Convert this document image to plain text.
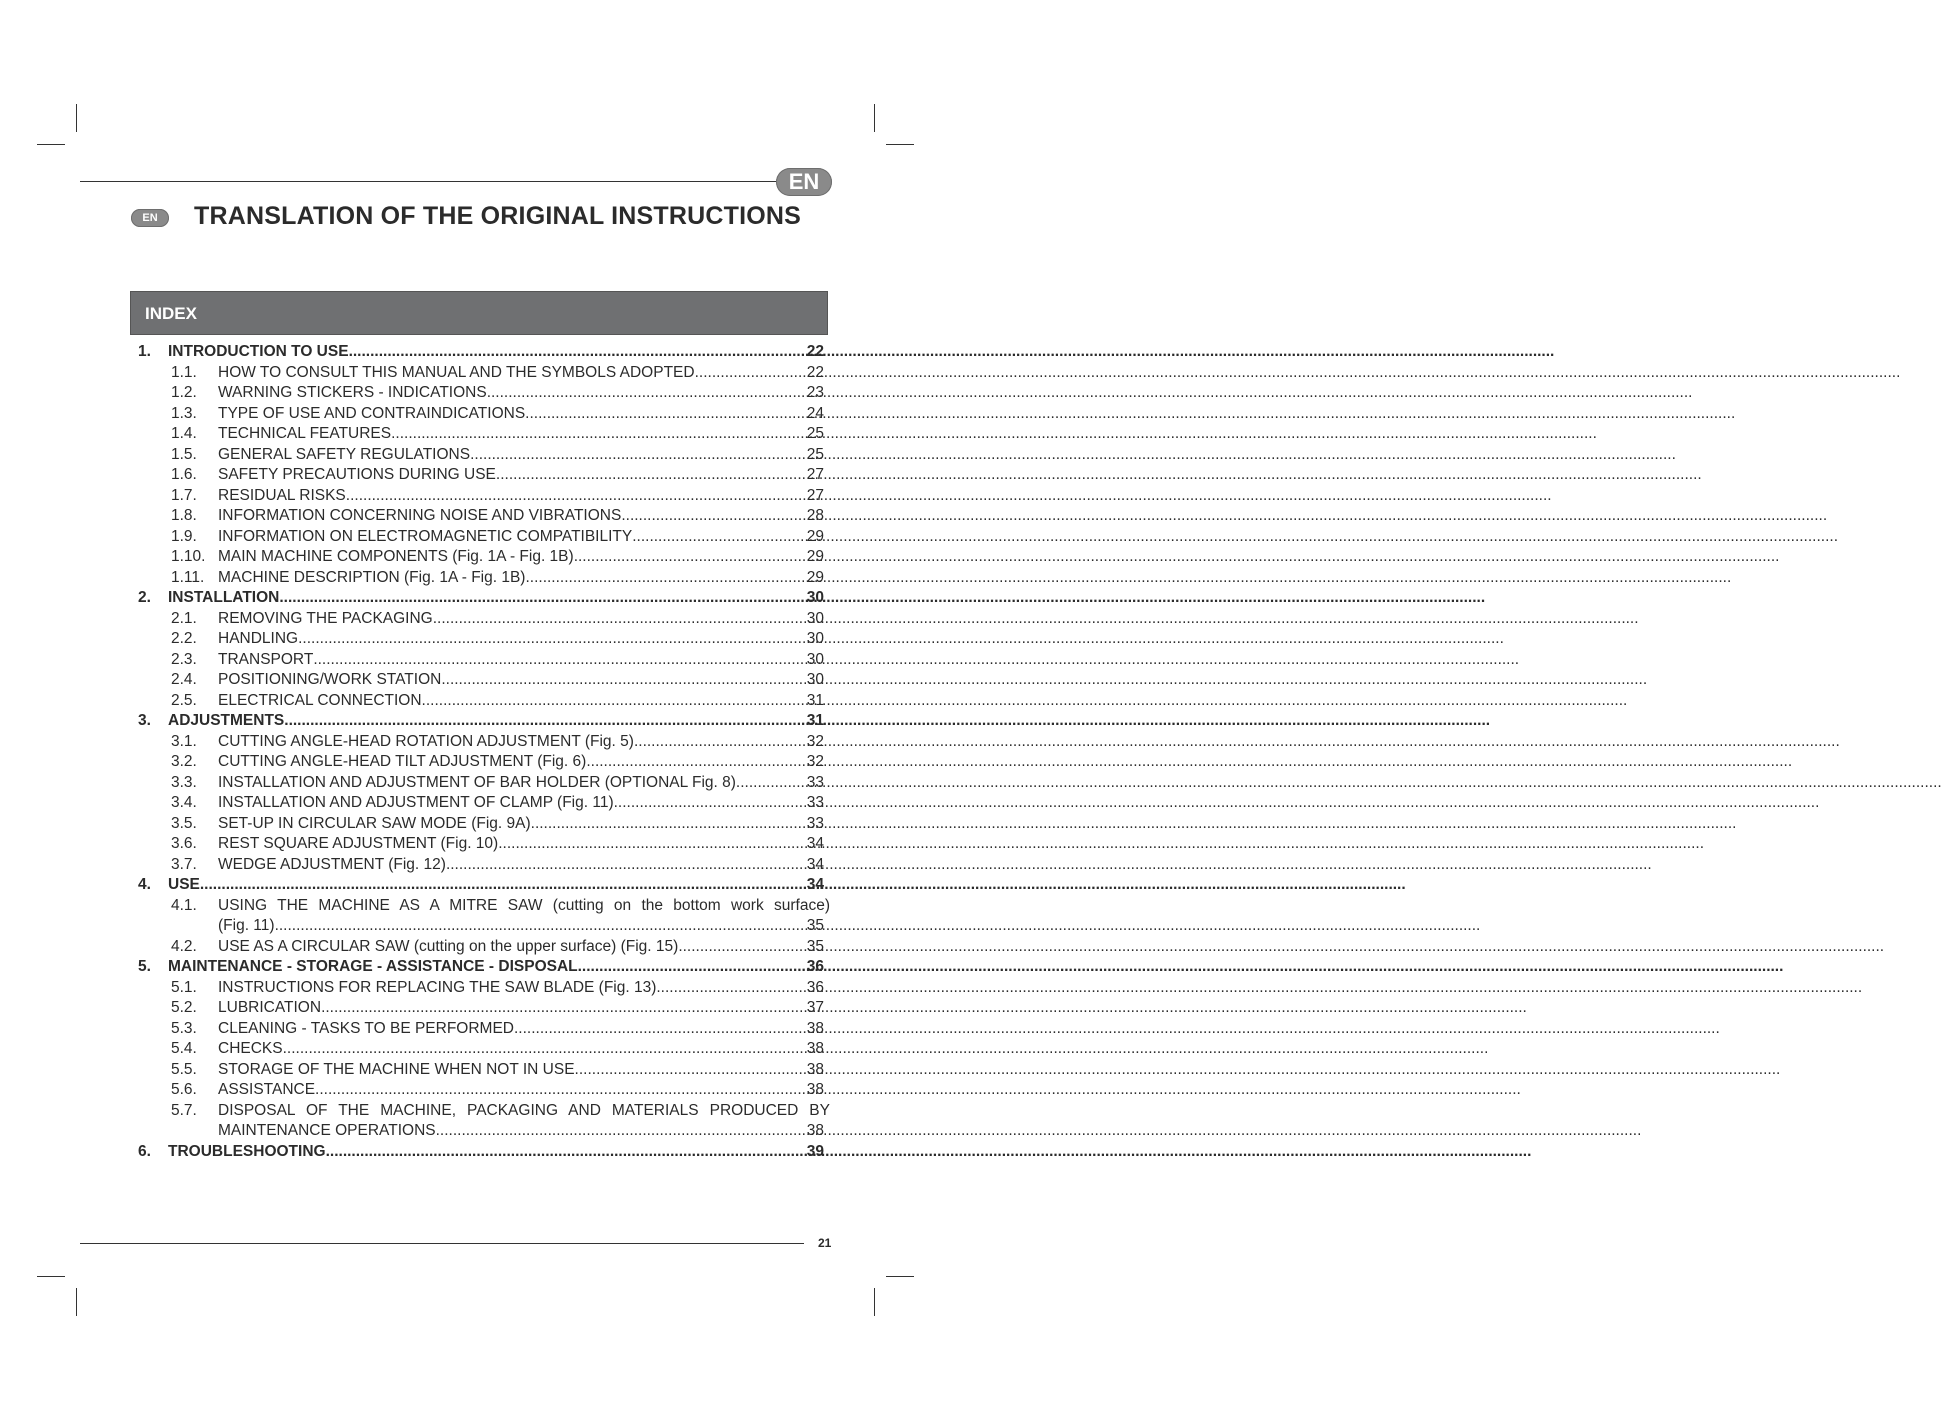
EN
EN	TRANSLATION OF THE ORIGINAL INSTRUCTIONS
INDEX
1.	INTRODUCTION TO USE .....	22
1.1.	HOW TO CONSULT THIS MANUAL AND THE SYMBOLS ADOPTED .....	22
1.2.	WARNING STICKERS - INDICATIONS .....	23
1.3.	TYPE OF USE AND CONTRAINDICATIONS. .....	24
1.4.	TECHNICAL FEATURES .....	25
1.5.	GENERAL SAFETY REGULATIONS .....	25
1.6.	SAFETY PRECAUTIONS DURING USE .....	27
1.7.	RESIDUAL RISKS .....	27
1.8.	INFORMATION CONCERNING NOISE AND VIBRATIONS .....	28
1.9.	INFORMATION ON ELECTROMAGNETIC COMPATIBILITY .....	29
1.10. MAIN MACHINE COMPONENTS (Fig. 1A - Fig. 1B) .....	29
1.11. MACHINE DESCRIPTION (Fig. 1A - Fig. 1B) .....	29
2.	INSTALLATION .....	30
2.1.	REMOVING THE PACKAGING .....	30
2.2.	HANDLING .....	30
2.3.	TRANSPORT .....	30
2.4.	POSITIONING/WORK STATION .....	30
2.5.	ELECTRICAL CONNECTION .....	31
3.	ADJUSTMENTS .....	31
3.1.	CUTTING ANGLE-HEAD ROTATION ADJUSTMENT (Fig. 5) .....	32
3.2.	CUTTING ANGLE-HEAD TILT ADJUSTMENT (Fig. 6) .....	32
3.3.	INSTALLATION AND ADJUSTMENT OF BAR HOLDER (OPTIONAL Fig. 8) .....	33
3.4.	INSTALLATION AND ADJUSTMENT OF CLAMP (Fig. 11) .....	33
3.5.	SET-UP IN CIRCULAR SAW MODE (Fig. 9A) .....	33
3.6.	REST SQUARE ADJUSTMENT (Fig. 10) .....	34
3.7.	WEDGE ADJUSTMENT (Fig. 12) .....	34
4.	USE .....	34
4.1.	USING THE MACHINE AS A MITRE SAW (cutting on the bottom work surface)
(Fig. 11) .....	35
4.2.	USE AS A CIRCULAR SAW (cutting on the upper surface) (Fig. 15) .....	35
5.	MAINTENANCE - STORAGE - ASSISTANCE - DISPOSAL .....	36
5.1.	INSTRUCTIONS FOR REPLACING THE SAW BLADE (Fig. 13) .....	36
5.2.	LUBRICATION .....	37
5.3.	CLEANING - TASKS TO BE PERFORMED .....	38
5.4.	CHECKS .....	38
5.5.	STORAGE OF THE MACHINE WHEN NOT IN USE .....	38
5.6.	ASSISTANCE .....	38
5.7.	DISPOSAL OF THE MACHINE, PACKAGING AND MATERIALS PRODUCED BY
MAINTENANCE OPERATIONS .....	38
6.	TROUBLESHOOTING .....	39
21
